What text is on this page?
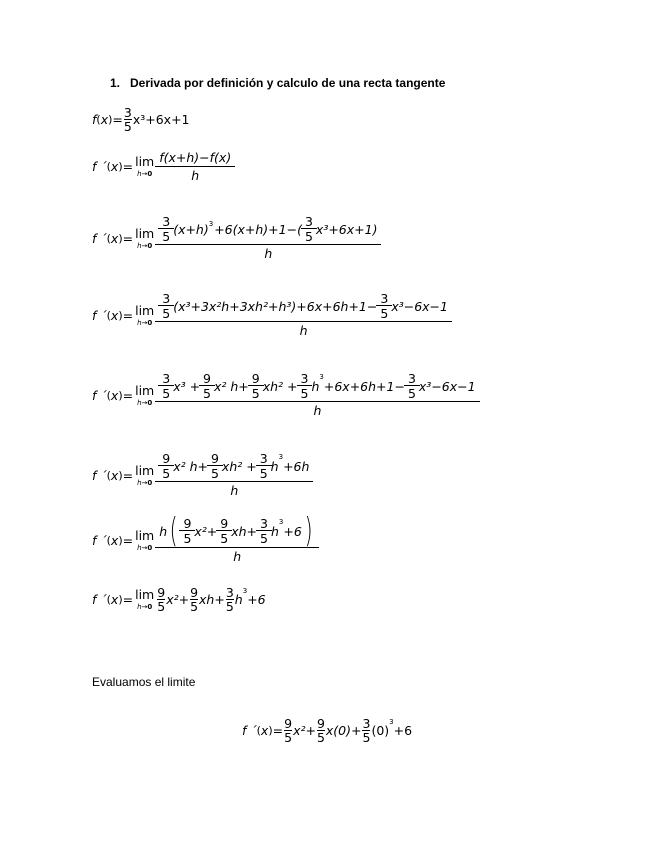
1. Derivada por definición y calculo de una recta tangente
f ( x ) = $\frac{3}{5} x^3+6x+1$
f ´ ( x ) = lim
$h\to 0 \frac{f(x+h)-f(x)}{h}$
f ´ ( x ) = lim
h→0 3
5 (x+h) 3 +6(x+h)+1−( 3
5 x³+6x+1)
h
f ´ ( x ) = lim
h→0 3
5 $(x^3+3x^2h+3xh^2+h^3)+6x+6h+1- \frac{3}{5} x^3-6x-1$
h
f ´ ( x ) = lim
h→0
3
5 $x^3 + \frac{9}{5} x^2$ $h+ \frac{9}{5} xh^2 + \frac{3}{5}$ h
3
$+6x+6h+1- \frac{3}{5} x^3-6x-1$
h
f ´ ( x ) = lim
h→0 9
5 x² $h+ \frac{9}{5} xh^2 + \frac{3}{5}$ h
3
+6h
h
f ´ ( x ) = lim
h→0 h ( 9
5 $x^2+ \frac{9}{5} xh+ \frac{3}{5}$ h
3
+6 )
h
f ´ ( x ) = lim
h→0
9
5 $x^2+ \frac{9}{5} xh+ \frac{3}{5}$ h
3
+6
Evaluamos el limite
f ´ ( x ) = $\frac{9}{5} x^2+ \frac{9}{5} x(0)+ \frac{3}{5} (0)$
3
+6
